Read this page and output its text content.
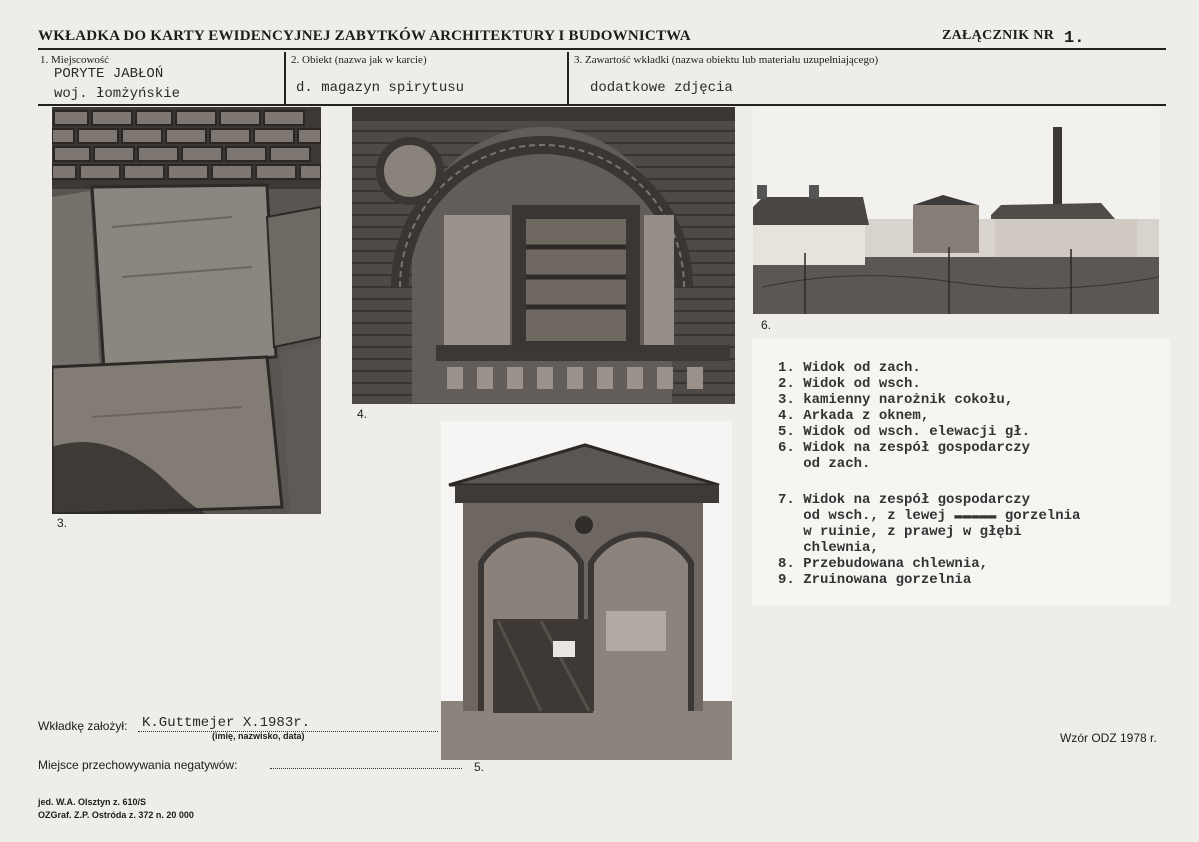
WKŁADKA DO KARTY EWIDENCYJNEJ ZABYTKÓW ARCHITEKTURY I BUDOWNICTWA	ZAŁĄCZNIK NR 1.
1. Miejscowość
PORYTE JABŁOŃ
woj. łomżyńskie
2. Obiekt (nazwa jak w karcie)
d. magazyn spirytusu
3. Zawartość wkładki (nazwa obiektu lub materiału uzupełniającego)
dodatkowe zdjęcia
3.
4.
6.
5.
1. Widok od zach.
2. Widok od wsch.
3. kamienny narożnik cokołu,
4. Arkada z oknem,
5. Widok od wsch. elewacji gł.
6. Widok na zespół gospodarczy
od zach.
7. Widok na zespół gospodarczy
od wsch., z lewej ▬▬▬▬▬ gorzelnia
w ruinie, z prawej w głębi
chlewnia,
8. Przebudowana chlewnia,
9. Zruinowana gorzelnia
Wkładkę założył: K.Guttmejer X.1983r.
(imię, nazwisko, data)
Miejsce przechowywania negatywów:
Wzór ODZ 1978 r.
jed. W.A. Olsztyn z. 610/S
OZGraf. Z.P. Ostróda z. 372 n. 20 000
